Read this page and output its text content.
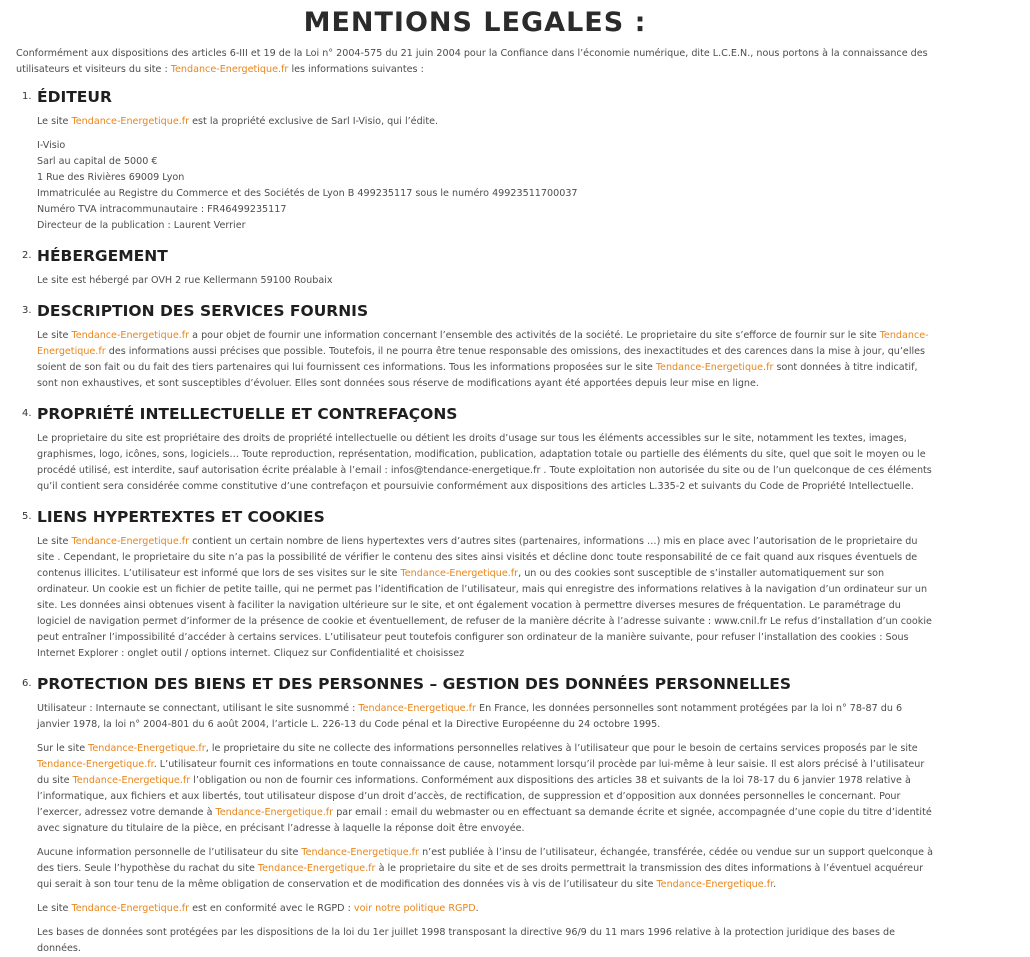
MENTIONS LEGALES :

Conformément aux dispositions des articles 6-III et 19 de la Loi n° 2004-575 du 21 juin 2004 pour la Confiance dans l’économie numérique, dite L.C.E.N., nous portons à la connaissance des utilisateurs et visiteurs du site : Tendance-Energetique.fr les informations suivantes :

1. ÉDITEUR

Le site Tendance-Energetique.fr est la propriété exclusive de Sarl I-Visio, qui l’édite.

I-Visio
Sarl au capital de 5000 €
1 Rue des Rivières 69009 Lyon
Immatriculée au Registre du Commerce et des Sociétés de Lyon B 499235117 sous le numéro 49923511700037
Numéro TVA intracommunautaire : FR46499235117
Directeur de la publication : Laurent Verrier

2. HÉBERGEMENT

Le site est hébergé par OVH 2 rue Kellermann 59100 Roubaix

3. DESCRIPTION DES SERVICES FOURNIS

Le site Tendance-Energetique.fr a pour objet de fournir une information concernant l’ensemble des activités de la société. Le proprietaire du site s’efforce de fournir sur le site Tendance-Energetique.fr des informations aussi précises que possible. Toutefois, il ne pourra être tenue responsable des omissions, des inexactitudes et des carences dans la mise à jour, qu’elles soient de son fait ou du fait des tiers partenaires qui lui fournissent ces informations. Tous les informations proposées sur le site Tendance-Energetique.fr sont données à titre indicatif, sont non exhaustives, et sont susceptibles d’évoluer. Elles sont données sous réserve de modifications ayant été apportées depuis leur mise en ligne.

4. PROPRIÉTÉ INTELLECTUELLE ET CONTREFAÇONS

Le proprietaire du site est propriétaire des droits de propriété intellectuelle ou détient les droits d’usage sur tous les éléments accessibles sur le site, notamment les textes, images, graphismes, logo, icônes, sons, logiciels… Toute reproduction, représentation, modification, publication, adaptation totale ou partielle des éléments du site, quel que soit le moyen ou le procédé utilisé, est interdite, sauf autorisation écrite préalable à l’email : infos@tendance-energetique.fr . Toute exploitation non autorisée du site ou de l’un quelconque de ces éléments qu’il contient sera considérée comme constitutive d’une contrefaçon et poursuivie conformément aux dispositions des articles L.335-2 et suivants du Code de Propriété Intellectuelle.

5. LIENS HYPERTEXTES ET COOKIES

Le site Tendance-Energetique.fr contient un certain nombre de liens hypertextes vers d’autres sites (partenaires, informations …) mis en place avec l’autorisation de le proprietaire du site . Cependant, le proprietaire du site n’a pas la possibilité de vérifier le contenu des sites ainsi visités et décline donc toute responsabilité de ce fait quand aux risques éventuels de contenus illicites. L’utilisateur est informé que lors de ses visites sur le site Tendance-Energetique.fr, un ou des cookies sont susceptible de s’installer automatiquement sur son ordinateur. Un cookie est un fichier de petite taille, qui ne permet pas l’identification de l’utilisateur, mais qui enregistre des informations relatives à la navigation d’un ordinateur sur un site. Les données ainsi obtenues visent à faciliter la navigation ultérieure sur le site, et ont également vocation à permettre diverses mesures de fréquentation. Le paramétrage du logiciel de navigation permet d’informer de la présence de cookie et éventuellement, de refuser de la manière décrite à l’adresse suivante : www.cnil.fr Le refus d’installation d’un cookie peut entraîner l’impossibilité d’accéder à certains services. L’utilisateur peut toutefois configurer son ordinateur de la manière suivante, pour refuser l’installation des cookies : Sous Internet Explorer : onglet outil / options internet. Cliquez sur Confidentialité et choisissez

6. PROTECTION DES BIENS ET DES PERSONNES – GESTION DES DONNÉES PERSONNELLES

Utilisateur : Internaute se connectant, utilisant le site susnommé : Tendance-Energetique.fr En France, les données personnelles sont notamment protégées par la loi n° 78-87 du 6 janvier 1978, la loi n° 2004-801 du 6 août 2004, l’article L. 226-13 du Code pénal et la Directive Européenne du 24 octobre 1995.

Sur le site Tendance-Energetique.fr, le proprietaire du site ne collecte des informations personnelles relatives à l’utilisateur que pour le besoin de certains services proposés par le site Tendance-Energetique.fr. L’utilisateur fournit ces informations en toute connaissance de cause, notamment lorsqu’il procède par lui-même à leur saisie. Il est alors précisé à l’utilisateur du site Tendance-Energetique.fr l’obligation ou non de fournir ces informations. Conformément aux dispositions des articles 38 et suivants de la loi 78-17 du 6 janvier 1978 relative à l’informatique, aux fichiers et aux libertés, tout utilisateur dispose d’un droit d’accès, de rectification, de suppression et d’opposition aux données personnelles le concernant. Pour l’exercer, adressez votre demande à Tendance-Energetique.fr par email : email du webmaster ou en effectuant sa demande écrite et signée, accompagnée d’une copie du titre d’identité avec signature du titulaire de la pièce, en précisant l’adresse à laquelle la réponse doit être envoyée.

Aucune information personnelle de l’utilisateur du site Tendance-Energetique.fr n’est publiée à l’insu de l’utilisateur, échangée, transférée, cédée ou vendue sur un support quelconque à des tiers. Seule l’hypothèse du rachat du site Tendance-Energetique.fr à le proprietaire du site et de ses droits permettrait la transmission des dites informations à l’éventuel acquéreur qui serait à son tour tenu de la même obligation de conservation et de modification des données vis à vis de l’utilisateur du site Tendance-Energetique.fr.

Le site Tendance-Energetique.fr est en conformité avec le RGPD : voir notre politique RGPD.

Les bases de données sont protégées par les dispositions de la loi du 1er juillet 1998 transposant la directive 96/9 du 11 mars 1996 relative à la protection juridique des bases de données.
